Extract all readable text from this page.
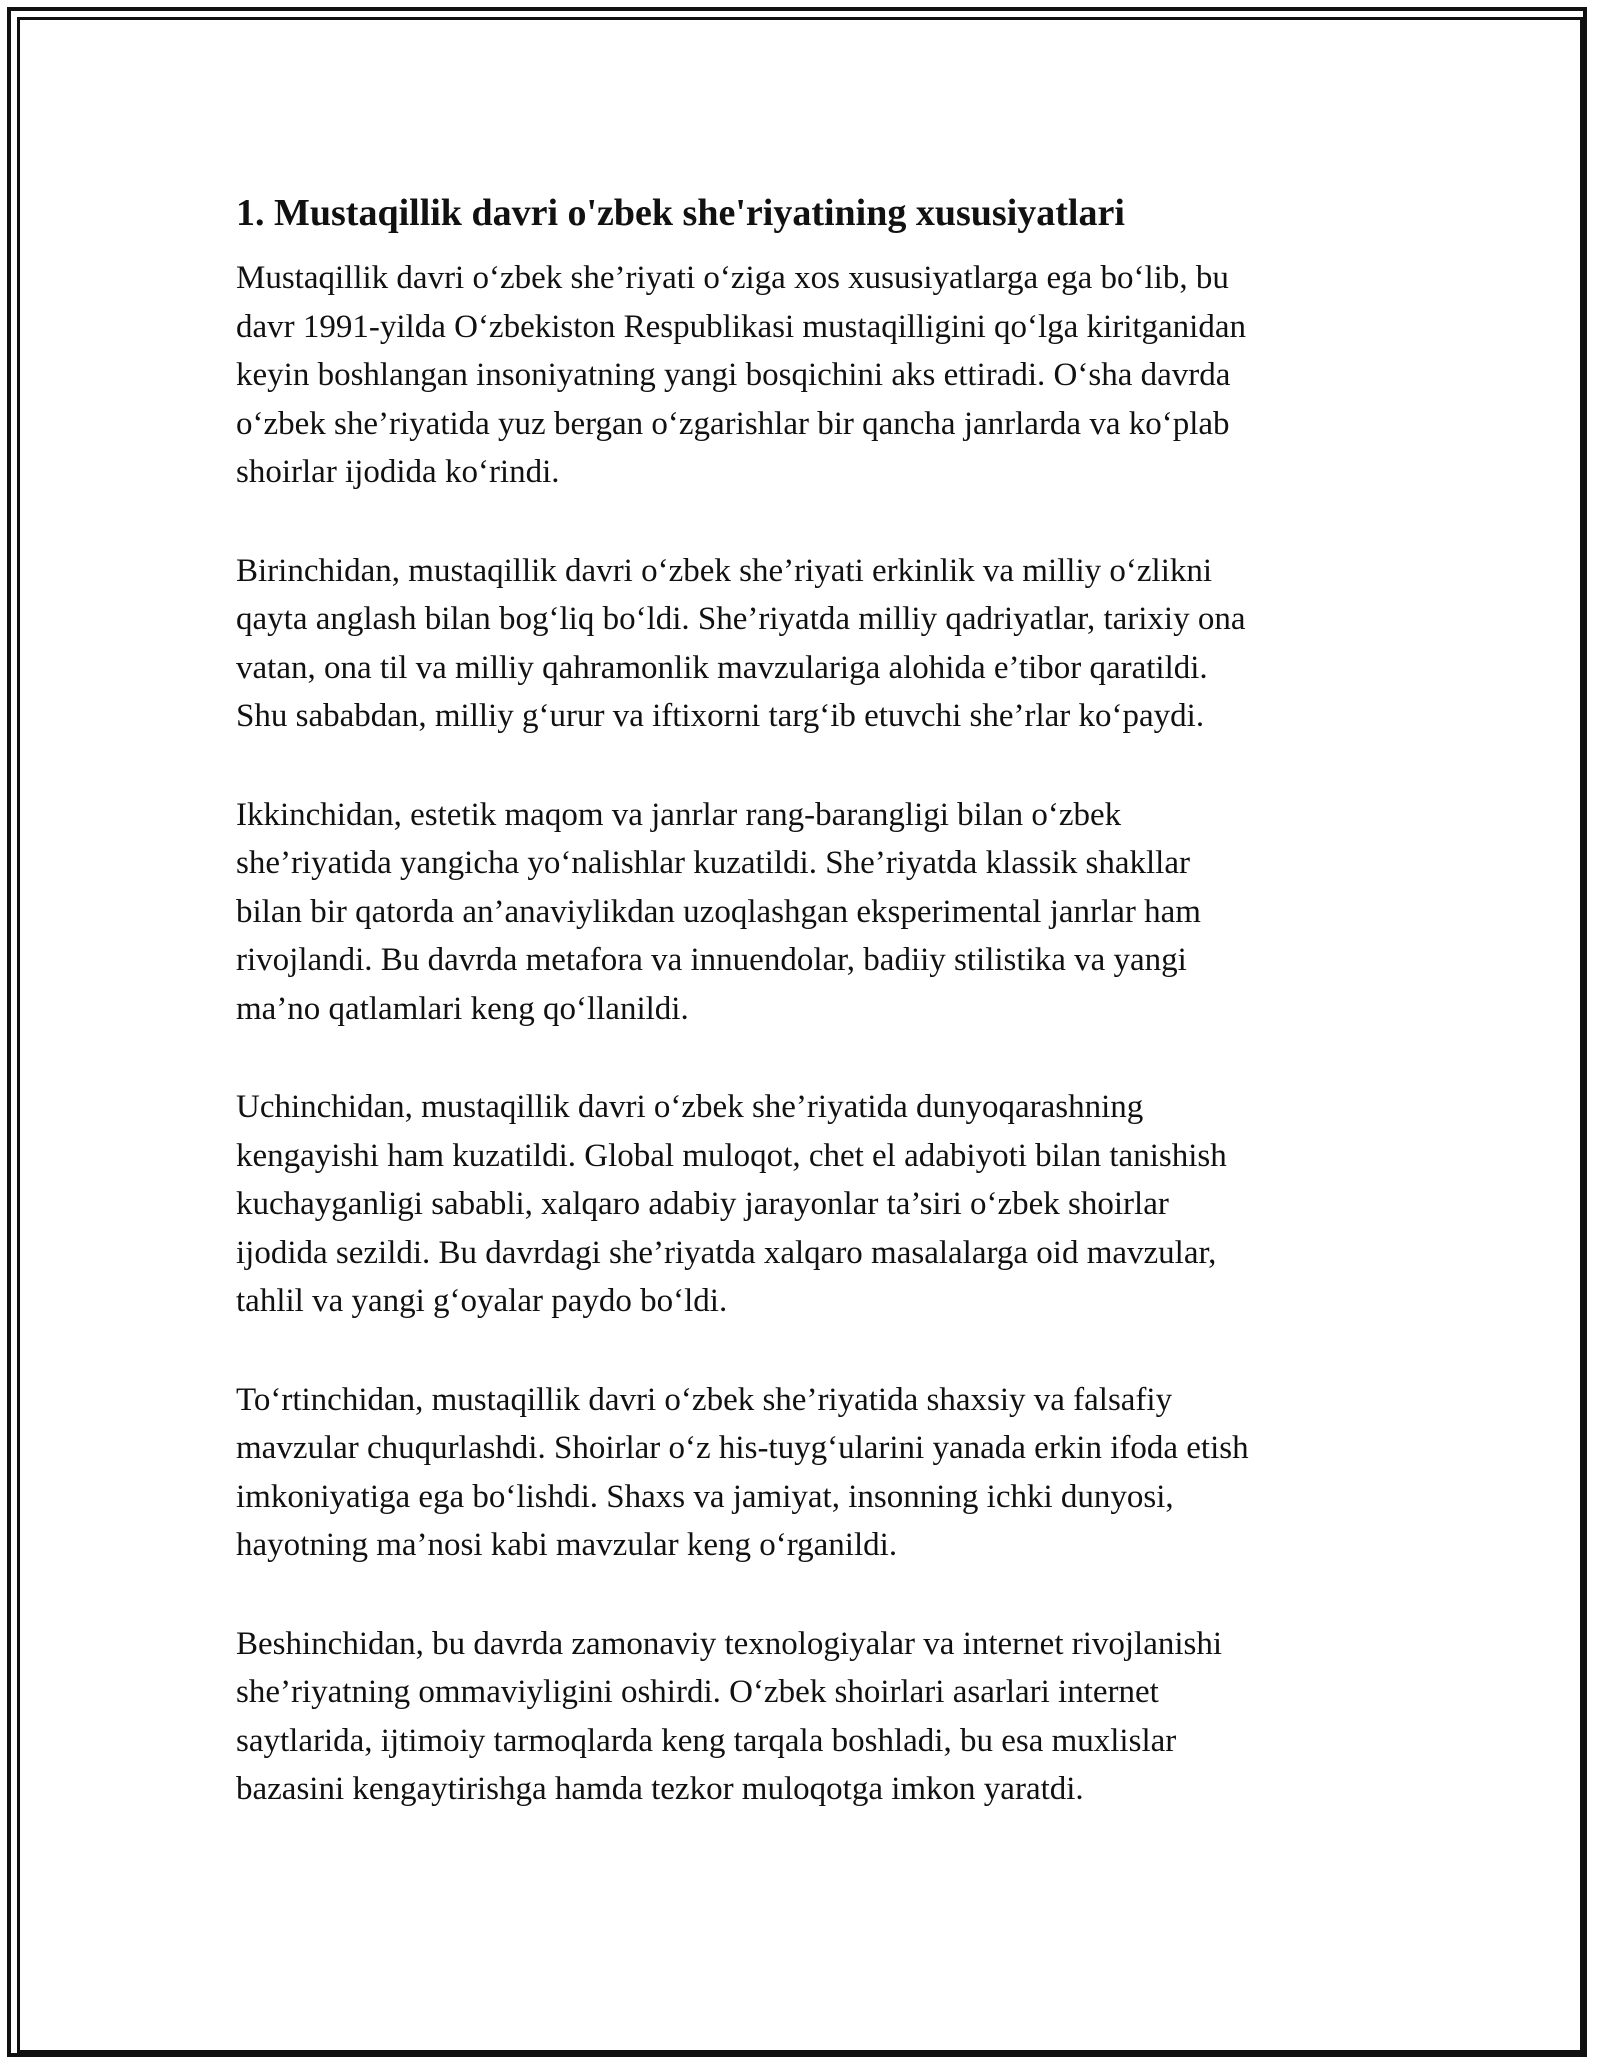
1. Mustaqillik davri o'zbek she'riyatining xususiyatlari

Mustaqillik davri o‘zbek she’riyati o‘ziga xos xususiyatlarga ega bo‘lib, bu
davr 1991-yilda O‘zbekiston Respublikasi mustaqilligini qo‘lga kiritganidan
keyin boshlangan insoniyatning yangi bosqichini aks ettiradi. O‘sha davrda
o‘zbek she’riyatida yuz bergan o‘zgarishlar bir qancha janrlarda va ko‘plab
shoirlar ijodida ko‘rindi.

Birinchidan, mustaqillik davri o‘zbek she’riyati erkinlik va milliy o‘zlikni
qayta anglash bilan bog‘liq bo‘ldi. She’riyatda milliy qadriyatlar, tarixiy ona
vatan, ona til va milliy qahramonlik mavzulariga alohida e’tibor qaratildi.
Shu sababdan, milliy g‘urur va iftixorni targ‘ib etuvchi she’rlar ko‘paydi.

Ikkinchidan, estetik maqom va janrlar rang-barangligi bilan o‘zbek
she’riyatida yangicha yo‘nalishlar kuzatildi. She’riyatda klassik shakllar
bilan bir qatorda an’anaviylikdan uzoqlashgan eksperimental janrlar ham
rivojlandi. Bu davrda metafora va innuendolar, badiiy stilistika va yangi
ma’no qatlamlari keng qo‘llanildi.

Uchinchidan, mustaqillik davri o‘zbek she’riyatida dunyoqarashning
kengayishi ham kuzatildi. Global muloqot, chet el adabiyoti bilan tanishish
kuchayganligi sababli, xalqaro adabiy jarayonlar ta’siri o‘zbek shoirlar
ijodida sezildi. Bu davrdagi she’riyatda xalqaro masalalarga oid mavzular,
tahlil va yangi g‘oyalar paydo bo‘ldi.

To‘rtinchidan, mustaqillik davri o‘zbek she’riyatida shaxsiy va falsafiy
mavzular chuqurlashdi. Shoirlar o‘z his-tuyg‘ularini yanada erkin ifoda etish
imkoniyatiga ega bo‘lishdi. Shaxs va jamiyat, insonning ichki dunyosi,
hayotning ma’nosi kabi mavzular keng o‘rganildi.

Beshinchidan, bu davrda zamonaviy texnologiyalar va internet rivojlanishi
she’riyatning ommaviyligini oshirdi. O‘zbek shoirlari asarlari internet
saytlarida, ijtimoiy tarmoqlarda keng tarqala boshladi, bu esa muxlislar
bazasini kengaytirishga hamda tezkor muloqotga imkon yaratdi.
